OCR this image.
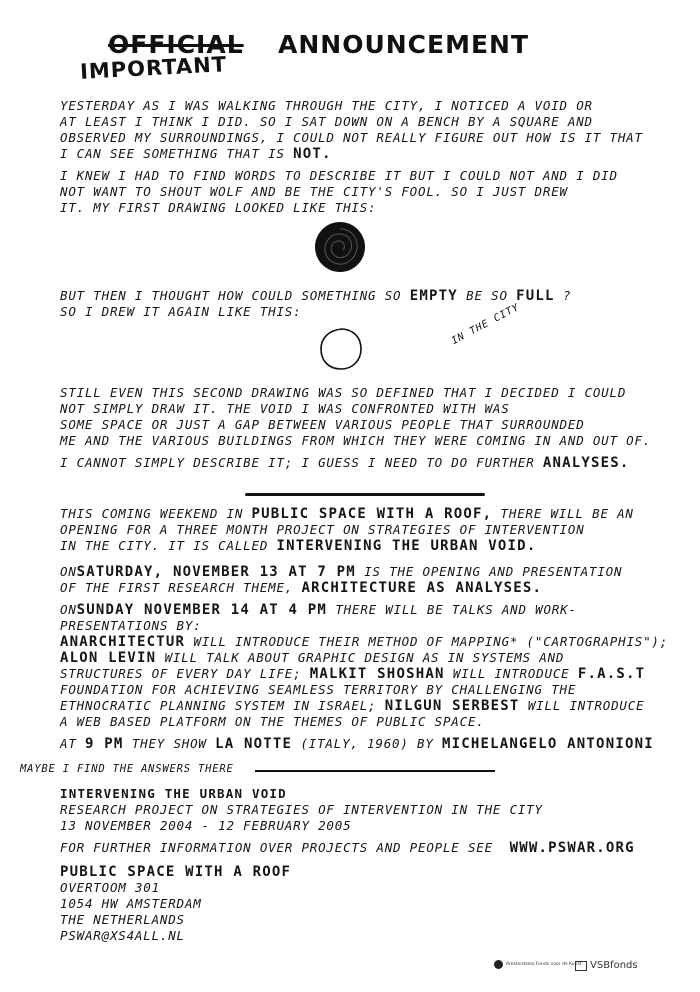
OFFICIAL ANNOUNCEMENT
IMPORTANT
YESTERDAY AS I WAS WALKING THROUGH THE CITY, I NOTICED A VOID OR
AT LEAST I THINK I DID. SO I SAT DOWN ON A BENCH BY A SQUARE AND
OBSERVED MY SURROUNDINGS, I COULD NOT REALLY FIGURE OUT HOW IS IT THAT
I CAN SEE SOMETHING THAT IS NOT.
I KNEW I HAD TO FIND WORDS TO DESCRIBE IT BUT I COULD NOT AND I DID
NOT WANT TO SHOUT WOLF AND BE THE CITY'S FOOL. SO I JUST DREW
IT. MY FIRST DRAWING LOOKED LIKE THIS:
BUT THEN I THOUGHT HOW COULD SOMETHING SO EMPTY BE SO FULL ?
SO I DREW IT AGAIN LIKE THIS:	IN THE CITY
STILL EVEN THIS SECOND DRAWING WAS SO DEFINED THAT I DECIDED I COULD
NOT SIMPLY DRAW IT. THE VOID I WAS CONFRONTED WITH WAS
SOME SPACE OR JUST A GAP BETWEEN VARIOUS PEOPLE THAT SURROUNDED
ME AND THE VARIOUS BUILDINGS FROM WHICH THEY WERE COMING IN AND OUT OF.
I CANNOT SIMPLY DESCRIBE IT; I GUESS I NEED TO DO FURTHER ANALYSES.
THIS COMING WEEKEND IN PUBLIC SPACE WITH A ROOF, THERE WILL BE AN
OPENING FOR A THREE MONTH PROJECT ON STRATEGIES OF INTERVENTION
IN THE CITY. IT IS CALLED INTERVENING THE URBAN VOID.
ONSATURDAY, NOVEMBER 13 AT 7 PM IS THE OPENING AND PRESENTATION
OF THE FIRST RESEARCH THEME, ARCHITECTURE AS ANALYSES.
ONSUNDAY NOVEMBER 14 AT 4 PM THERE WILL BE TALKS AND WORK-
PRESENTATIONS BY:
ANARCHITECTUR WILL INTRODUCE THEIR METHOD OF MAPPING* ("CARTOGRAPHIS");
ALON LEVIN WILL TALK ABOUT GRAPHIC DESIGN AS IN SYSTEMS AND
STRUCTURES OF EVERY DAY LIFE; MALKIT SHOSHAN WILL INTRODUCE F.A.S.T
FOUNDATION FOR ACHIEVING SEAMLESS TERRITORY BY CHALLENGING THE
ETHNOCRATIC PLANNING SYSTEM IN ISRAEL; NILGUN SERBEST WILL INTRODUCE
A WEB BASED PLATFORM ON THE THEMES OF PUBLIC SPACE.
AT 9 PM THEY SHOW LA NOTTE (ITALY, 1960) BY MICHELANGELO ANTONIONI
MAYBE I FIND THE ANSWERS THERE
INTERVENING THE URBAN VOID
RESEARCH PROJECT ON STRATEGIES OF INTERVENTION IN THE CITY
13 NOVEMBER 2004 - 12 FEBRUARY 2005
FOR FURTHER INFORMATION OVER PROJECTS AND PEOPLE SEE WWW.PSWAR.ORG
PUBLIC SPACE WITH A ROOF
OVERTOOM 301
1054 HW AMSTERDAM
THE NETHERLANDS
PSWAR@XS4ALL.NL
Amsterdams Fonds voor de Kunst VSBfonds
